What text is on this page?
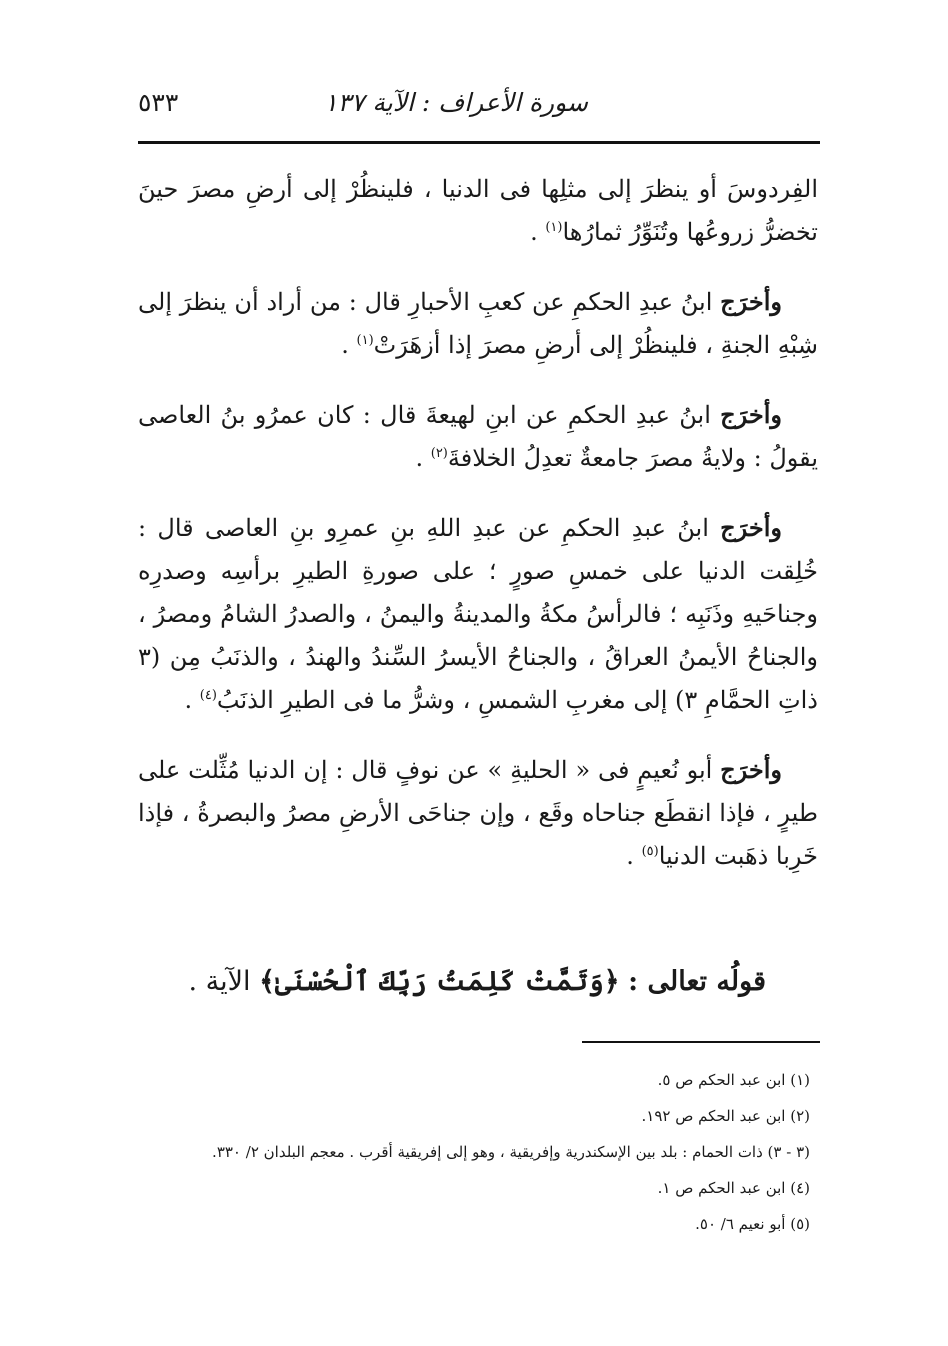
سورة الأعراف : الآية ١٣٧
٥٣٣

الفِردوسَ أو ينظرَ إلى مثلِها فى الدنيا ، فلينظُرْ إلى أرضِ مصرَ حينَ تخضرُّ زروعُها وتُنَوِّرُ ثمارُها$^{(١)}$ .

وأخرَج ابنُ عبدِ الحكمِ عن كعبِ الأحبارِ قال : من أراد أن ينظرَ إلى شِبْهِ الجنةِ ، فلينظُرْ إلى أرضِ مصرَ إذا أزهَرَتْ$^{(١)}$ .

وأخرَج ابنُ عبدِ الحكمِ عن ابنِ لهيعةَ قال : كان عمرُو بنُ العاصى يقولُ : ولايةُ مصرَ جامعةٌ تعدِلُ الخلافةَ$^{(٢)}$ .

وأخرَج ابنُ عبدِ الحكمِ عن عبدِ اللهِ بنِ عمرِو بنِ العاصى قال : خُلِقت الدنيا على خمسِ صورٍ ؛ على صورةِ الطيرِ برأسِه وصدرِه وجناحَيهِ وذَنَبِه ؛ فالرأسُ مكةُ والمدينةُ واليمنُ ، والصدرُ الشامُ ومصرُ ، والجناحُ الأيمنُ العراقُ ، والجناحُ الأيسرُ السِّندُ والهندُ ، والذنَبُ مِن (٣ ذاتِ الحمَّامِ ٣) إلى مغربِ الشمسِ ، وشرُّ ما فى الطيرِ الذنَبُ$^{(٤)}$ .

وأخرَج أبو نُعيمٍ فى « الحليةِ » عن نوفٍ قال : إن الدنيا مُثِّلت على طيرٍ ، فإذا انقطَع جناحاه وقَع ، وإن جناحَى الأرضِ مصرُ والبصرةُ ، فإذا خَرِبا ذهَبت الدنيا$^{(٥)}$ .

قولُه تعالى : ﴿وَتَمَّتْ كَلِمَتُ رَبِّكَ ٱلْحُسْنَىٰ﴾ الآية .
(١) ابن عبد الحكم ص ٥.
(٢) ابن عبد الحكم ص ١٩٢.
(٣ - ٣) ذات الحمام : بلد بين الإسكندرية وإفريقية ، وهو إلى إفريقية أقرب . معجم البلدان ٢/ ٣٣٠.
(٤) ابن عبد الحكم ص ١.
(٥) أبو نعيم ٦/ ٥٠.
